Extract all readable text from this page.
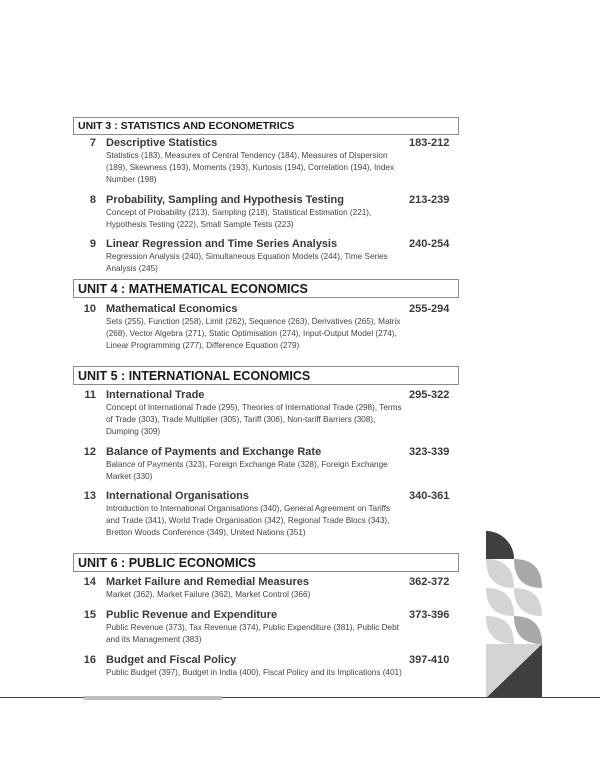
UNIT 3 : STATISTICS AND ECONOMETRICS
7 Descriptive Statistics	183-212
Statistics (183), Measures of Central Tendency (184), Measures of Dispersion (189), Skewness (193), Moments (193), Kurtosis (194), Correlation (194), Index Number (198)
8 Probability, Sampling and Hypothesis Testing	213-239
Concept of Probability (213), Sampling (218), Statistical Estimation (221), Hypothesis Testing (222), Small Sample Tests (223)
9 Linear Regression and Time Series Analysis	240-254
Regression Analysis (240), Simultaneous Equation Models (244), Time Series Analysis (245)
UNIT 4 : MATHEMATICAL ECONOMICS
10 Mathematical Economics	255-294
Sets (255), Function (258), Limit (262), Sequence (263), Derivatives (265), Matrix (268), Vector Algebra (271), Static Optimisation (274), Input-Output Model (274), Linear Programming (277), Difference Equation (279)
UNIT 5 : INTERNATIONAL ECONOMICS
11 International Trade	295-322
Concept of International Trade (295), Theories of International Trade (298), Terms of Trade (303), Trade Multiplier (305), Tariff (306), Non-tariff Barriers (308), Dumping (309)
12 Balance of Payments and Exchange Rate	323-339
Balance of Payments (323), Foreign Exchange Rate (328), Foreign Exchange Market (330)
13 International Organisations	340-361
Introduction to International Organisations (340), General Agreement on Tariffs and Trade (341), World Trade Organisation (342), Regional Trade Blocs (343), Bretton Woods Conference (349), United Nations (351)
UNIT 6 : PUBLIC ECONOMICS
14 Market Failure and Remedial Measures	362-372
Market (362), Market Failure (362), Market Control (366)
15 Public Revenue and Expenditure	373-396
Public Revenue (373), Tax Revenue (374), Public Expenditure (381), Public Debt and its Management (383)
16 Budget and Fiscal Policy	397-410
Public Budget (397), Budget in India (400), Fiscal Policy and its Implications (401)
